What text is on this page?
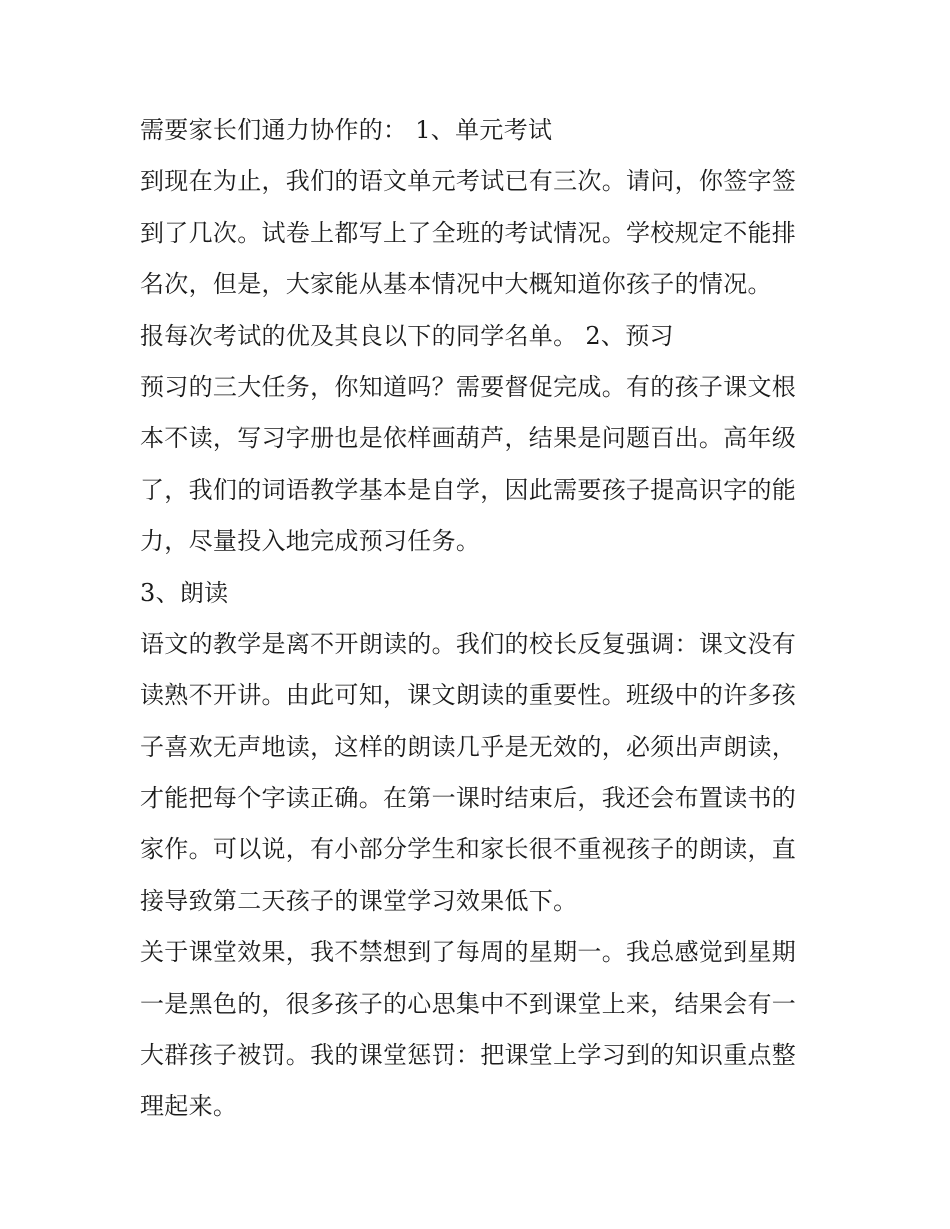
需要家长们通力协作的： 1、单元考试
到现在为止，我们的语文单元考试已有三次。请问，你签字签
到了几次。试卷上都写上了全班的考试情况。学校规定不能排
名次，但是，大家能从基本情况中大概知道你孩子的情况。
报每次考试的优及其良以下的同学名单。 2、预习
预习的三大任务，你知道吗？需要督促完成。有的孩子课文根
本不读，写习字册也是依样画葫芦，结果是问题百出。高年级
了，我们的词语教学基本是自学，因此需要孩子提高识字的能
力，尽量投入地完成预习任务。
3、朗读
语文的教学是离不开朗读的。我们的校长反复强调：课文没有
读熟不开讲。由此可知，课文朗读的重要性。班级中的许多孩
子喜欢无声地读，这样的朗读几乎是无效的，必须出声朗读，
才能把每个字读正确。在第一课时结束后，我还会布置读书的
家作。可以说，有小部分学生和家长很不重视孩子的朗读，直
接导致第二天孩子的课堂学习效果低下。
关于课堂效果，我不禁想到了每周的星期一。我总感觉到星期
一是黑色的，很多孩子的心思集中不到课堂上来，结果会有一
大群孩子被罚。我的课堂惩罚：把课堂上学习到的知识重点整
理起来。
